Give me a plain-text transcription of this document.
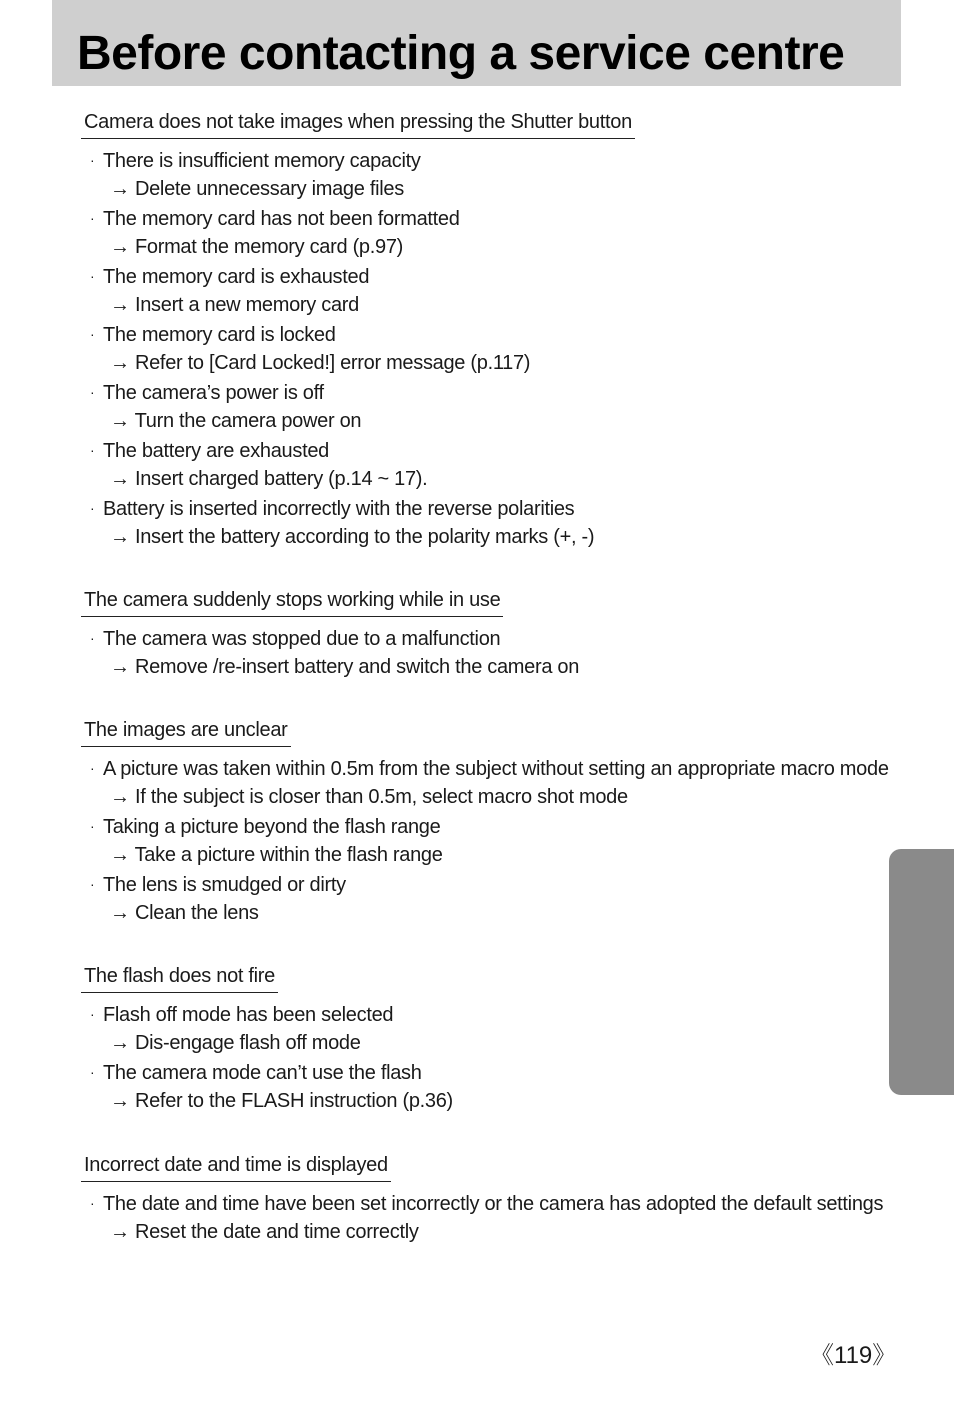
Before contacting a service centre
Camera does not take images when pressing the Shutter button
· There is insufficient memory capacity
→ Delete unnecessary image files
· The memory card has not been formatted
→ Format the memory card (p.97)
· The memory card is exhausted
→ Insert a new memory card
· The memory card is locked
→ Refer to [Card Locked!] error message (p.117)
· The camera’s power is off
→ Turn the camera power on
· The battery are exhausted
→ Insert charged battery (p.14 ~ 17).
· Battery is inserted incorrectly with the reverse polarities
→ Insert the battery according to the polarity marks (+, -)
The camera suddenly stops working while in use
· The camera was stopped due to a malfunction
→ Remove /re-insert battery and switch the camera on
The images are unclear
· A picture was taken within 0.5m from the subject without setting an appropriate macro mode
→ If the subject is closer than 0.5m, select macro shot mode
· Taking a picture beyond the flash range
→ Take a picture within the flash range
· The lens is smudged or dirty
→ Clean the lens
The flash does not fire
· Flash off mode has been selected
→ Dis-engage flash off mode
· The camera mode can’t use the flash
→ Refer to the FLASH instruction (p.36)
Incorrect date and time is displayed
· The date and time have been set incorrectly or the camera has adopted the default settings
→ Reset the date and time correctly
《119》
